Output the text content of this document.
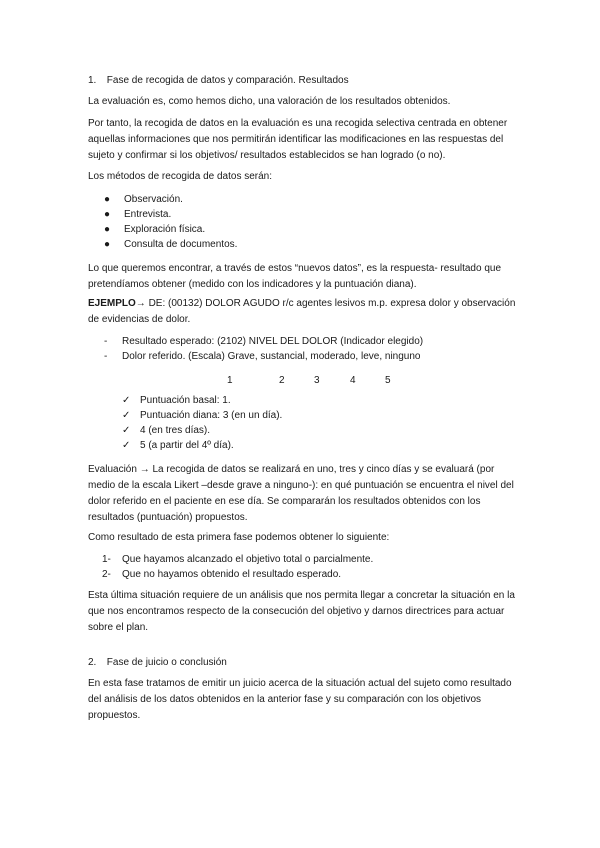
1. Fase de recogida de datos y comparación. Resultados

La evaluación es, como hemos dicho, una valoración de los resultados obtenidos.

Por tanto, la recogida de datos en la evaluación es una recogida selectiva centrada en obtener aquellas informaciones que nos permitirán identificar las modificaciones en las respuestas del sujeto y confirmar si los objetivos/ resultados establecidos se han logrado (o no).

Los métodos de recogida de datos serán:

● Observación.
● Entrevista.
● Exploración física.
● Consulta de documentos.

Lo que queremos encontrar, a través de estos “nuevos datos”, es la respuesta- resultado que pretendíamos obtener (medido con los indicadores y la puntuación diana).

EJEMPLO→ DE: (00132) DOLOR AGUDO r/c agentes lesivos m.p. expresa dolor y observación de evidencias de dolor.

- Resultado esperado: (2102) NIVEL DEL DOLOR (Indicador elegido)
- Dolor referido. (Escala) Grave, sustancial, moderado, leve, ninguno
1	2	3	4	5
✓ Puntuación basal: 1.
✓ Puntuación diana: 3 (en un día).
✓ 4 (en tres días).
✓ 5 (a partir del 4º día).

Evaluación → La recogida de datos se realizará en uno, tres y cinco días y se evaluará (por medio de la escala Likert –desde grave a ninguno-): en qué puntuación se encuentra el nivel del dolor referido en el paciente en ese día. Se compararán los resultados obtenidos con los resultados (puntuación) propuestos.

Como resultado de esta primera fase podemos obtener lo siguiente:

1- Que hayamos alcanzado el objetivo total o parcialmente.
2- Que no hayamos obtenido el resultado esperado.

Esta última situación requiere de un análisis que nos permita llegar a concretar la situación en la que nos encontramos respecto de la consecución del objetivo y darnos directrices para actuar sobre el plan.

2. Fase de juicio o conclusión

En esta fase tratamos de emitir un juicio acerca de la situación actual del sujeto como resultado del análisis de los datos obtenidos en la anterior fase y su comparación con los objetivos propuestos.
